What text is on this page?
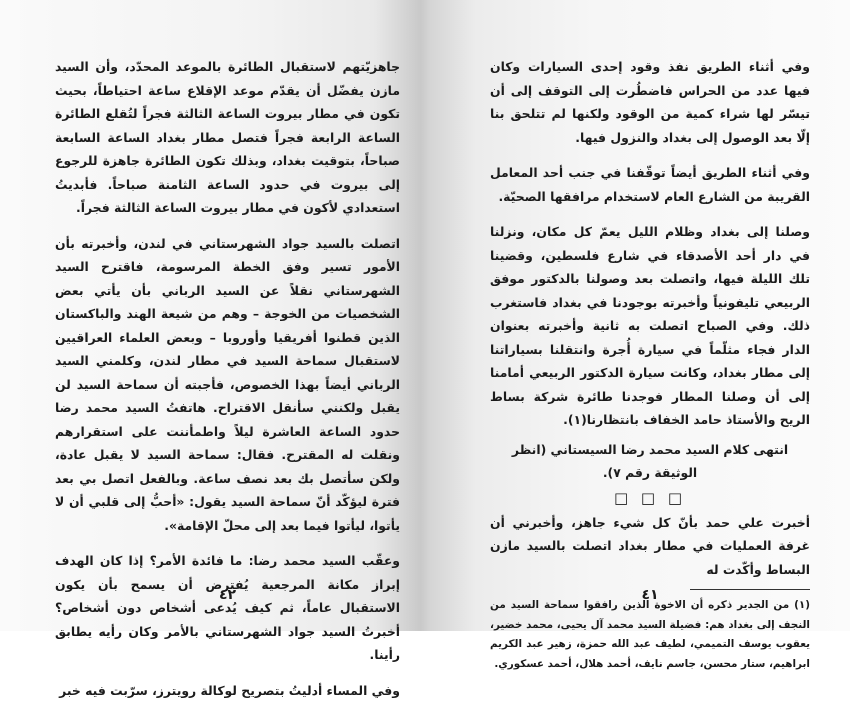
جاهزيّتهم لاستقبال الطائرة بالموعد المحدّد، وأن السيد مازن يفضّل أن يقدّم موعد الإقلاع ساعة احتياطاً، بحيث تكون في مطار بيروت الساعة الثالثة فجراً لتُقلع الطائرة الساعة الرابعة فجراً فتصل مطار بغداد الساعة السابعة صباحاً، بتوقيت بغداد، وبذلك تكون الطائرة جاهزة للرجوع إلى بيروت في حدود الساعة الثامنة صباحاً. فأبديتُ استعدادي لأكون في مطار بيروت الساعة الثالثة فجراً.

اتصلت بالسيد جواد الشهرستاني في لندن، وأخبرته بأن الأمور تسير وفق الخطة المرسومة، فاقترح السيد الشهرستاني نقلاً عن السيد الرباني بأن يأتي بعض الشخصيات من الخوجة – وهم من شيعة الهند والباكستان الذين قطنوا أفريقيا وأوروبا – وبعض العلماء العراقيين لاستقبال سماحة السيد في مطار لندن، وكلمني السيد الرباني أيضاً بهذا الخصوص، فأجبته أن سماحة السيد لن يقبل ولكنني سأنقل الاقتراح. هاتفتُ السيد محمد رضا حدود الساعة العاشرة ليلاً واطمأننت على استقرارهم ونقلت له المقترح. فقال: سماحة السيد لا يقبل عادة، ولكن سأتصل بك بعد نصف ساعة. وبالفعل اتصل بي بعد فترة ليؤكّد أنّ سماحة السيد يقول: «أحبُّ إلى قلبي أن لا يأتوا، ليأتوا فيما بعد إلى محلّ الإقامة».

وعقّب السيد محمد رضا: ما فائدة الأمر؟ إذا كان الهدف إبراز مكانة المرجعية يُفترض أن يسمح بأن يكون الاستقبال عاماً، ثم كيف يُدعى أشخاص دون أشخاص؟ أخبرتُ السيد جواد الشهرستاني بالأمر وكان رأيه يطابق رأينا.

وفي المساء أدليتُ بتصريح لوكالة رويترز، سرّبت فيه خبر

٤٢

وفي أثناء الطريق نفذ وقود إحدى السيارات وكان فيها عدد من الحراس فاضطُرت إلى التوقف إلى أن تيسّر لها شراء كمية من الوقود ولكنها لم تتلحق بنا إلّا بعد الوصول إلى بغداد والنزول فيها.

وفي أثناء الطريق أيضاً توقّفنا في جنب أحد المعامل القريبة من الشارع العام لاستخدام مرافقها الصحيّة.

وصلنا إلى بغداد وظلام الليل يعمّ كل مكان، ونزلنا في دار أحد الأصدقاء في شارع فلسطين، وقضينا تلك الليلة فيها، واتصلت بعد وصولنا بالدكتور موفق الربيعي تليفونياً وأخبرته بوجودنا في بغداد فاستغرب ذلك. وفي الصباح اتصلت به ثانية وأخبرته بعنوان الدار فجاء مثلّماً في سيارة أُجرة وانتقلنا بسياراتنا إلى مطار بغداد، وكانت سيارة الدكتور الربيعي أمامنا إلى أن وصلنا المطار فوجدنا طائرة شركة بساط الريح والأستاذ حامد الخفاف بانتظارنا(١).

انتهى كلام السيد محمد رضا السيستاني (انظر الوثيقة رقم ٧).

□ □ □

أخبرت علي حمد بأنّ كل شيء جاهز، وأخبرني أن غرفة العمليات في مطار بغداد اتصلت بالسيد مازن البساط وأكّدت له

(١) من الجدير ذكره أن الاخوة الذين رافقوا سماحة السيد من النجف إلى بغداد هم: فضيلة السيد محمد آل يحيى، محمد خضير، يعقوب يوسف التميمي، لطيف عبد الله حمزة، زهير عبد الكريم ابراهيم، ستار محسن، جاسم نايف، أحمد هلال، أحمد عسكوري.

٤١
